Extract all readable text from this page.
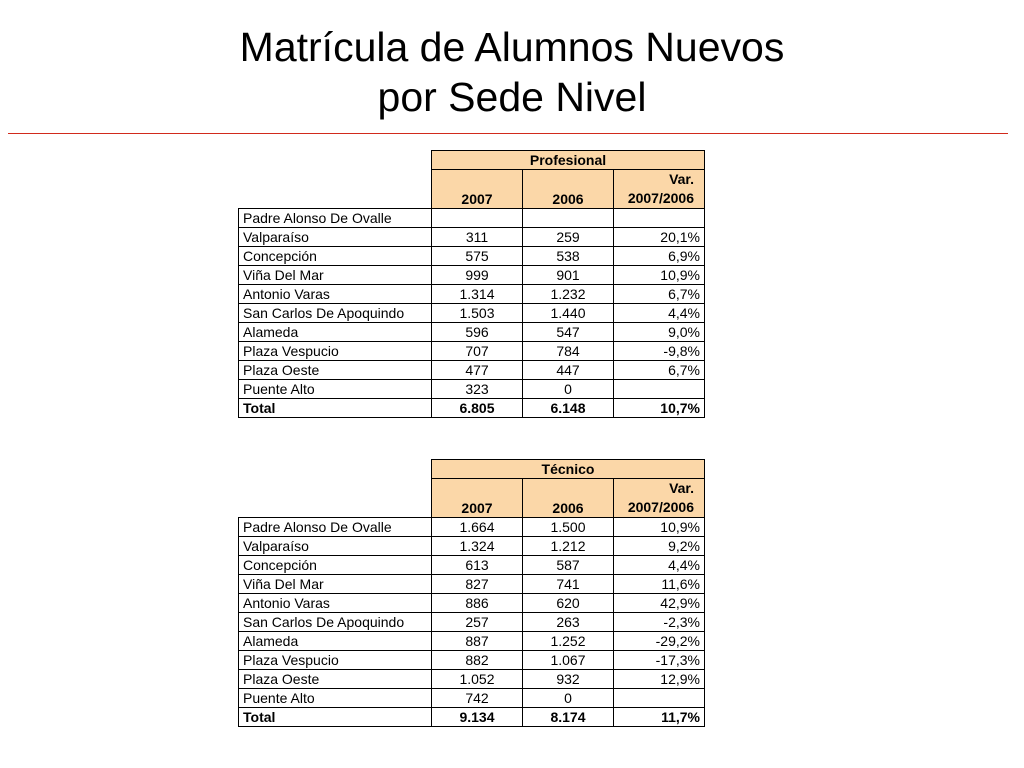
Matrícula de Alumnos Nuevos
por Sede Nivel
	Profesional		
	2007	2006	Var.
2007/2006

Padre Alonso De Ovalle			
Valparaíso	311	259	20,1%
Concepción	575	538	6,9%
Viña Del Mar	999	901	10,9%
Antonio Varas	1.314	1.232	6,7%
San Carlos De Apoquindo	1.503	1.440	4,4%
Alameda	596	547	9,0%
Plaza Vespucio	707	784	-9,8%
Plaza Oeste	477	447	6,7%
Puente Alto	323	0	
Total	6.805	6.148	10,7%
	Técnico		
	2007	2006	Var.
2007/2006

Padre Alonso De Ovalle	1.664	1.500	10,9%
Valparaíso	1.324	1.212	9,2%
Concepción	613	587	4,4%
Viña Del Mar	827	741	11,6%
Antonio Varas	886	620	42,9%
San Carlos De Apoquindo	257	263	-2,3%
Alameda	887	1.252	-29,2%
Plaza Vespucio	882	1.067	-17,3%
Plaza Oeste	1.052	932	12,9%
Puente Alto	742	0	
Total	9.134	8.174	11,7%
